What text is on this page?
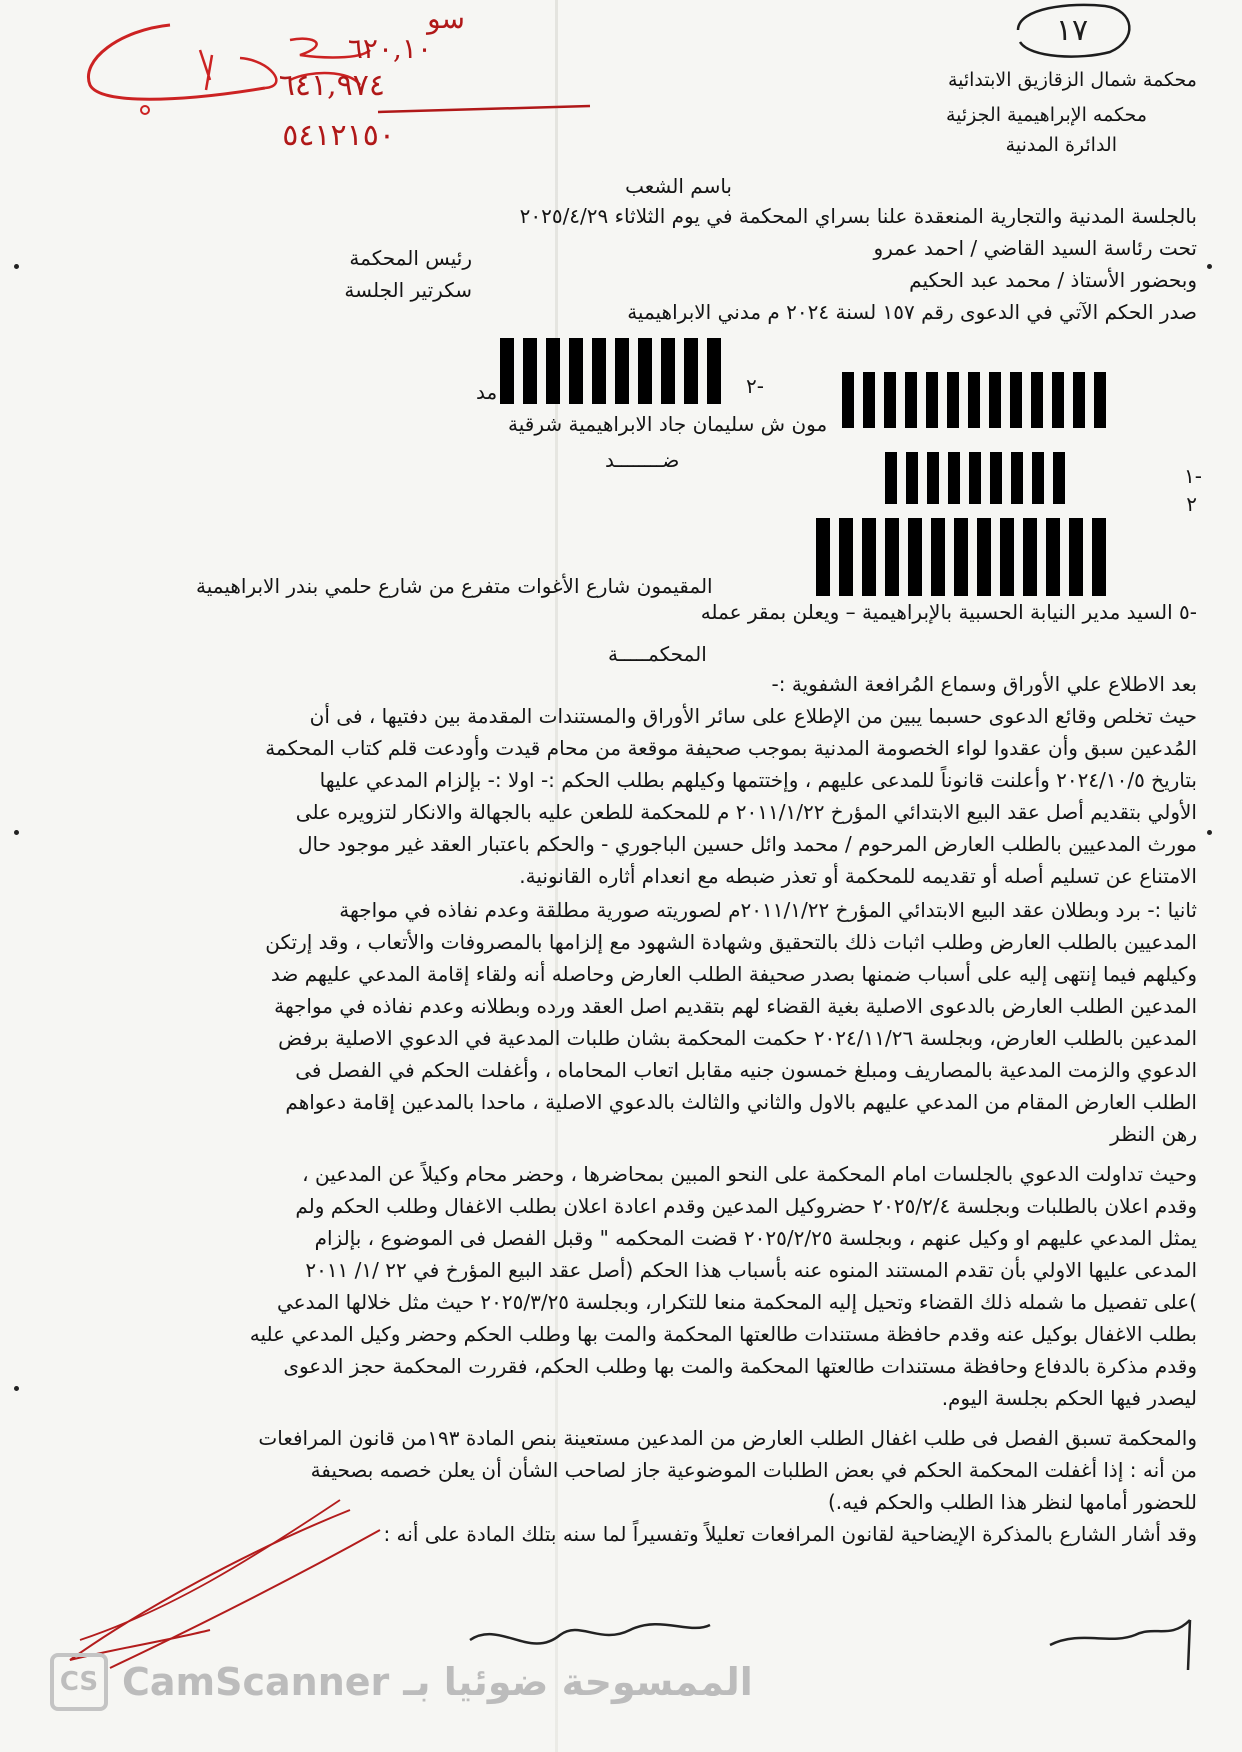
١٧
سو
٦٢٠,١٠
٦٤١,٩٧٤
٥٤١٢١٥٠
محكمة شمال الزقازيق الابتدائية
محكمه الإبراهيمية الجزئية
الدائرة المدنية
باسم الشعب
بالجلسة المدنية والتجارية المنعقدة علنا بسراي المحكمة في يوم الثلاثاء ٢٠٢٥/٤/٢٩
تحت رئاسة السيد القاضي / احمد عمرو
رئيس المحكمة
وبحضور الأستاذ / محمد عبد الحكيم
سكرتير الجلسة
صدر الحكم الآتي في الدعوى رقم ١٥٧ لسنة ٢٠٢٤ م مدني الابراهيمية
مد	-٢
مون ش سليمان جاد الابراهيمية شرقية
ضــــــــد
-١
٢
المقيمون شارع الأغوات متفرع من شارع حلمي بندر الابراهيمية
-٥ السيد مدير النيابة الحسبية بالإبراهيمية – ويعلن بمقر عمله
المحكمـــــة
بعد الاطلاع علي الأوراق وسماع المُرافعة الشفوية :-
حيث تخلص وقائع الدعوى حسبما يبين من الإطلاع على سائر الأوراق والمستندات المقدمة بين دفتيها ، فى أن
المُدعين سبق وأن عقدوا لواء الخصومة المدنية بموجب صحيفة موقعة من محام قيدت وأودعت قلم كتاب المحكمة
بتاريخ ٢٠٢٤/١٠/٥ وأعلنت قانوناً للمدعى عليهم ، وإختتمها وكيلهم بطلب الحكم :- اولا :- بإلزام المدعي عليها
الأولي بتقديم أصل عقد البيع الابتدائي المؤرخ ٢٠١١/١/٢٢ م للمحكمة للطعن عليه بالجهالة والانكار لتزويره على
مورث المدعيين بالطلب العارض المرحوم / محمد وائل حسين الباجوري - والحكم باعتبار العقد غير موجود حال
الامتناع عن تسليم أصله أو تقديمه للمحكمة أو تعذر ضبطه مع انعدام أثاره القانونية.
ثانيا :- برد وبطلان عقد البيع الابتدائي المؤرخ ٢٠١١/١/٢٢م لصوريته صورية مطلقة وعدم نفاذه في مواجهة
المدعيين بالطلب العارض وطلب اثبات ذلك بالتحقيق وشهادة الشهود مع إلزامها بالمصروفات والأتعاب ، وقد إرتكن
وكيلهم فيما إنتهى إليه على أسباب ضمنها بصدر صحيفة الطلب العارض وحاصله أنه ولقاء إقامة المدعي عليهم ضد
المدعين الطلب العارض بالدعوى الاصلية بغية القضاء لهم بتقديم اصل العقد ورده وبطلانه وعدم نفاذه في مواجهة
المدعين بالطلب العارض، وبجلسة ٢٠٢٤/١١/٢٦ حكمت المحكمة بشان طلبات المدعية في الدعوي الاصلية برفض
الدعوي والزمت المدعية بالمصاريف ومبلغ خمسون جنيه مقابل اتعاب المحاماه ، وأغفلت الحكم في الفصل فى
الطلب العارض المقام من المدعي عليهم بالاول والثاني والثالث بالدعوي الاصلية ، ماحدا بالمدعين إقامة دعواهم
رهن النظر
وحيث تداولت الدعوي بالجلسات امام المحكمة على النحو المبين بمحاضرها ، وحضر محام وكيلاً عن المدعين ،
وقدم اعلان بالطلبات وبجلسة ٢٠٢٥/٢/٤ حضروكيل المدعين وقدم اعادة اعلان بطلب الاغفال وطلب الحكم ولم
يمثل المدعي عليهم او وكيل عنهم ، وبجلسة ٢٠٢٥/٢/٢٥ قضت المحكمه " وقبل الفصل فى الموضوع ، بإلزام
المدعى عليها الاولي بأن تقدم المستند المنوه عنه بأسباب هذا الحكم (أصل عقد البيع المؤرخ في ٢٢ /١/ ٢٠١١
)على تفصيل ما شمله ذلك القضاء وتحيل إليه المحكمة منعا للتكرار، وبجلسة ٢٠٢٥/٣/٢٥ حيث مثل خلالها المدعي
بطلب الاغفال بوكيل عنه وقدم حافظة مستندات طالعتها المحكمة والمت بها وطلب الحكم وحضر وكيل المدعي عليه
وقدم مذكرة بالدفاع وحافظة مستندات طالعتها المحكمة والمت بها وطلب الحكم، فقررت المحكمة حجز الدعوى
ليصدر فيها الحكم بجلسة اليوم.
والمحكمة تسبق الفصل فى طلب اغفال الطلب العارض من المدعين مستعينة بنص المادة ١٩٣من قانون المرافعات
من أنه : إذا أغفلت المحكمة الحكم في بعض الطلبات الموضوعية جاز لصاحب الشأن أن يعلن خصمه بصحيفة
للحضور أمامها لنظر هذا الطلب والحكم فيه.)
وقد أشار الشارع بالمذكرة الإيضاحية لقانون المرافعات تعليلاً وتفسيراً لما سنه بتلك المادة على أنه :
CS CamScanner الممسوحة ضوئيا بـ
